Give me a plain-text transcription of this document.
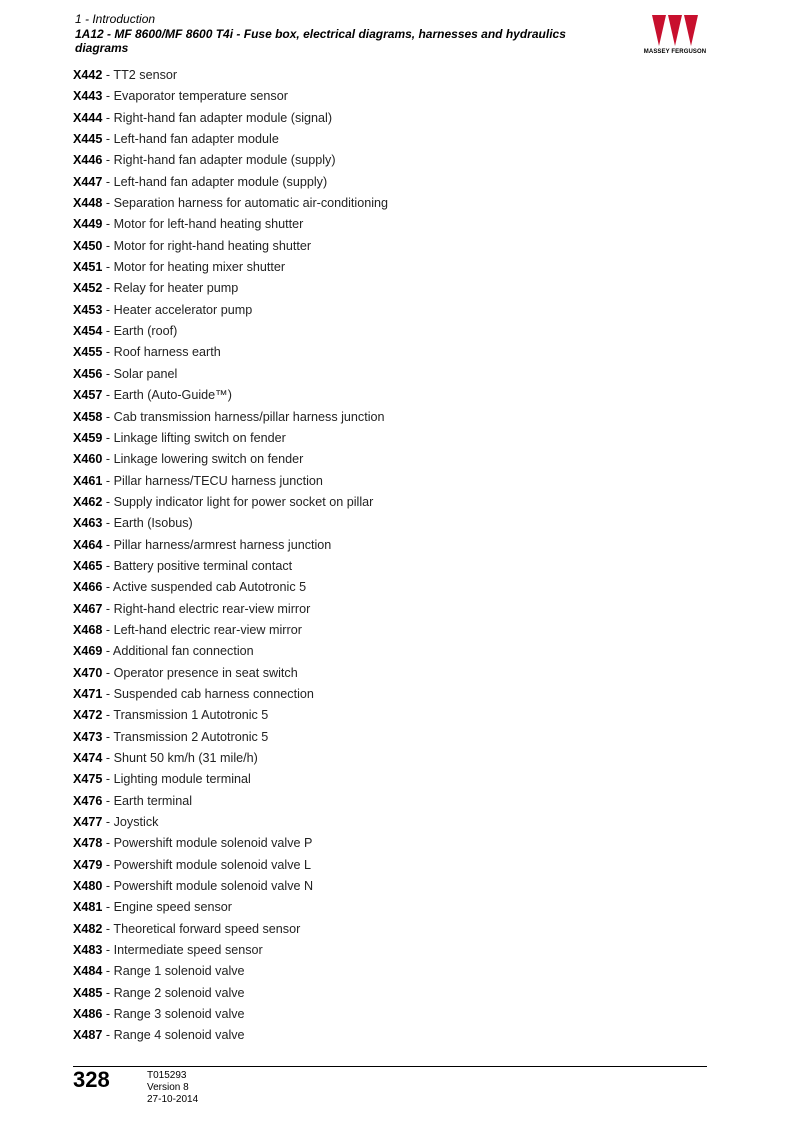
1 - Introduction
1A12 - MF 8600/MF 8600 T4i - Fuse box, electrical diagrams, harnesses and hydraulics
diagrams	MASSEY FERGUSON
X442 - TT2 sensor
X443 - Evaporator temperature sensor
X444 - Right-hand fan adapter module (signal)
X445 - Left-hand fan adapter module
X446 - Right-hand fan adapter module (supply)
X447 - Left-hand fan adapter module (supply)
X448 - Separation harness for automatic air-conditioning
X449 - Motor for left-hand heating shutter
X450 - Motor for right-hand heating shutter
X451 - Motor for heating mixer shutter
X452 - Relay for heater pump
X453 - Heater accelerator pump
X454 - Earth (roof)
X455 - Roof harness earth
X456 - Solar panel
X457 - Earth (Auto-Guide™)
X458 - Cab transmission harness/pillar harness junction
X459 - Linkage lifting switch on fender
X460 - Linkage lowering switch on fender
X461 - Pillar harness/TECU harness junction
X462 - Supply indicator light for power socket on pillar
X463 - Earth (Isobus)
X464 - Pillar harness/armrest harness junction
X465 - Battery positive terminal contact
X466 - Active suspended cab Autotronic 5
X467 - Right-hand electric rear-view mirror
X468 - Left-hand electric rear-view mirror
X469 - Additional fan connection
X470 - Operator presence in seat switch
X471 - Suspended cab harness connection
X472 - Transmission 1 Autotronic 5
X473 - Transmission 2 Autotronic 5
X474 - Shunt 50 km/h (31 mile/h)
X475 - Lighting module terminal
X476 - Earth terminal
X477 - Joystick
X478 - Powershift module solenoid valve P
X479 - Powershift module solenoid valve L
X480 - Powershift module solenoid valve N
X481 - Engine speed sensor
X482 - Theoretical forward speed sensor
X483 - Intermediate speed sensor
X484 - Range 1 solenoid valve
X485 - Range 2 solenoid valve
X486 - Range 3 solenoid valve
X487 - Range 4 solenoid valve
328	T015293
Version 8
27-10-2014
